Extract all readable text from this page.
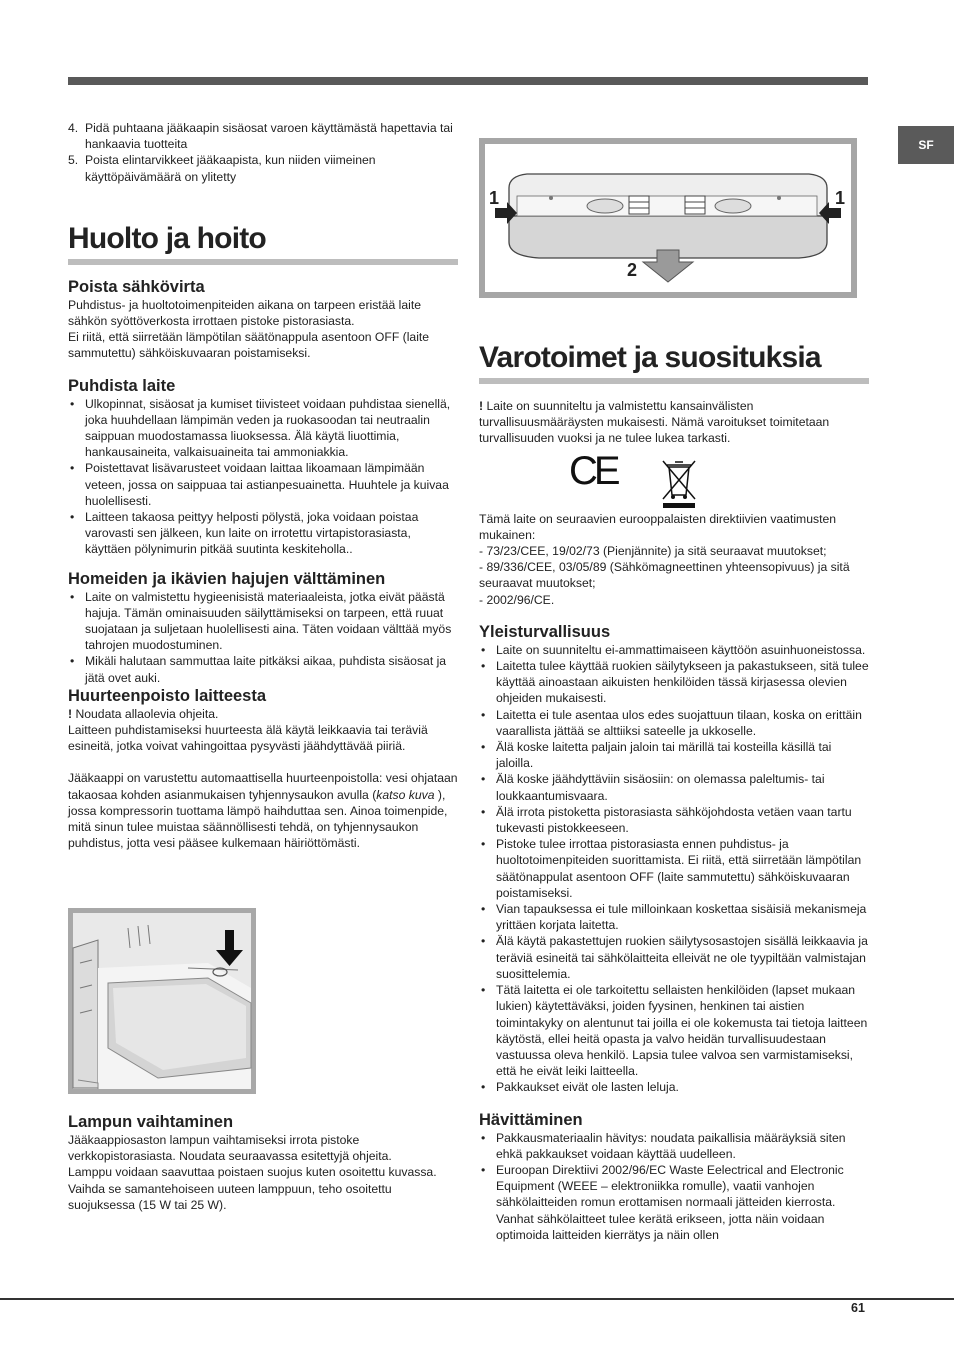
SF
4. Pidä puhtaana jääkaapin sisäosat varoen käyttämästä hapettavia tai hankaavia tuotteita
5. Poista elintarvikkeet jääkaapista, kun niiden viimeinen käyttöpäivämäärä on ylitetty
Huolto ja hoito
Poista sähkövirta

Puhdistus- ja huoltotoimenpiteiden aikana on tarpeen eristää laite sähkön syöttöverkosta irrottaen pistoke pistorasiasta.

Ei riitä, että siirretään lämpötilan säätönappula asentoon OFF (laite sammutettu) sähköiskuvaaran poistamiseksi.

Puhdista laite
• Ulkopinnat, sisäosat ja kumiset tiivisteet voidaan puhdistaa sienellä, joka huuhdellaan lämpimän veden ja ruokasoodan tai neutraalin saippuan muodostamassa liuoksessa. Älä käytä liuottimia, hankausaineita, valkaisuaineita tai ammoniakkia.
• Poistettavat lisävarusteet voidaan laittaa likoamaan lämpimään veteen, jossa on saippuaa tai astianpesuainetta. Huuhtele ja kuivaa huolellisesti.
• Laitteen takaosa peittyy helposti pölystä, joka voidaan poistaa varovasti sen jälkeen, kun laite on irrotettu virtapistorasiasta, käyttäen pölynimurin pitkää suutinta keskiteholla..
Homeiden ja ikävien hajujen välttäminen
• Laite on valmistettu hygieenisistä materiaaleista, jotka eivät päästä hajuja. Tämän ominaisuuden säilyttämiseksi on tarpeen, että ruuat suojataan ja suljetaan huolellisesti aina. Täten voidaan välttää myös tahrojen muodostuminen.
• Mikäli halutaan sammuttaa laite pitkäksi aikaa, puhdista sisäosat ja jätä ovet auki.
Huurteenpoisto laitteesta

! Noudata allaolevia ohjeita.

Laitteen puhdistamiseksi huurteesta älä käytä leikkaavia tai teräviä esineitä, jotka voivat vahingoittaa pysyvästi jäähdyttävää piiriä.

Jääkaappi on varustettu automaattisella huurteenpoistolla: vesi ohjataan takaosaa kohden asianmukaisen tyhjennysaukon avulla (katso kuva ), jossa kompressorin tuottama lämpö haihduttaa sen. Ainoa toimenpide, mitä sinun tulee muistaa säännöllisesti tehdä, on tyhjennysaukon puhdistus, jotta vesi pääsee kulkemaan häiriöttömästi.

Lampun vaihtaminen

Jääkaappiosaston lampun vaihtamiseksi irrota pistoke verkkopistorasiasta. Noudata seuraavassa esitettyjä ohjeita.

Lamppu voidaan saavuttaa poistaen suojus kuten osoitettu kuvassa.

Vaihda se samantehoiseen uuteen lamppuun, teho osoitettu suojuksessa (15 W tai 25 W).

1	1
2
Varotoimet ja suosituksia

! Laite on suunniteltu ja valmistettu kansainvälisten turvallisuusmääräysten mukaisesti. Nämä varoitukset toimitetaan turvallisuuden vuoksi ja ne tulee lukea tarkasti.

CE

Tämä laite on seuraavien eurooppalaisten direktiivien vaatimusten mukainen:

- 73/23/CEE, 19/02/73 (Pienjännite) ja sitä seuraavat muutokset;

- 89/336/CEE, 03/05/89 (Sähkömagneettinen yhteensopivuus) ja sitä seuraavat muutokset;

- 2002/96/CE.

Yleisturvallisuus
• Laite on suunniteltu ei-ammattimaiseen käyttöön asuinhuoneistossa.
• Laitetta tulee käyttää ruokien säilytykseen ja pakastukseen, sitä tulee käyttää ainoastaan aikuisten henkilöiden tässä kirjasessa olevien ohjeiden mukaisesti.
• Laitetta ei tule asentaa ulos edes suojattuun tilaan, koska on erittäin vaarallista jättää se alttiiksi sateelle ja ukkoselle.
• Älä koske laitetta paljain jaloin tai märillä tai kosteilla käsillä tai jaloilla.
• Älä koske jäähdyttäviin sisäosiin: on olemassa paleltumis- tai loukkaantumisvaara.
• Älä irrota pistoketta pistorasiasta sähköjohdosta vetäen vaan tartu tukevasti pistokkeeseen.
• Pistoke tulee irrottaa pistorasiasta ennen puhdistus- ja huoltotoimenpiteiden suorittamista. Ei riitä, että siirretään lämpötilan säätönappulat asentoon OFF (laite sammutettu) sähköiskuvaaran poistamiseksi.
• Vian tapauksessa ei tule milloinkaan koskettaa sisäisiä mekanismeja yrittäen korjata laitetta.
• Älä käytä pakastettujen ruokien säilytysosastojen sisällä leikkaavia ja teräviä esineitä tai sähkölaitteita elleivät ne ole tyypiltään valmistajan suosittelemia.
• Tätä laitetta ei ole tarkoitettu sellaisten henkilöiden (lapset mukaan lukien) käytettäväksi, joiden fyysinen, henkinen tai aistien toimintakyky on alentunut tai joilla ei ole kokemusta tai tietoja laitteen käytöstä, ellei heitä opasta ja valvo heidän turvallisuudestaan vastuussa oleva henkilö. Lapsia tulee valvoa sen varmistamiseksi, että he eivät leiki laitteella.
• Pakkaukset eivät ole lasten leluja.
Hävittäminen
• Pakkausmateriaalin hävitys: noudata paikallisia määräyksiä siten ehkä pakkaukset voidaan käyttää uudelleen.
• Euroopan Direktiivi 2002/96/EC Waste Eelectrical and Electronic Equipment (WEEE – elektroniikka romulle), vaatii vanhojen sähkölaitteiden romun erottamisen normaali jätteiden kierrosta. Vanhat sähkölaitteet tulee kerätä erikseen, jotta näin voidaan optimoida laitteiden kierrätys ja näin ollen
61
